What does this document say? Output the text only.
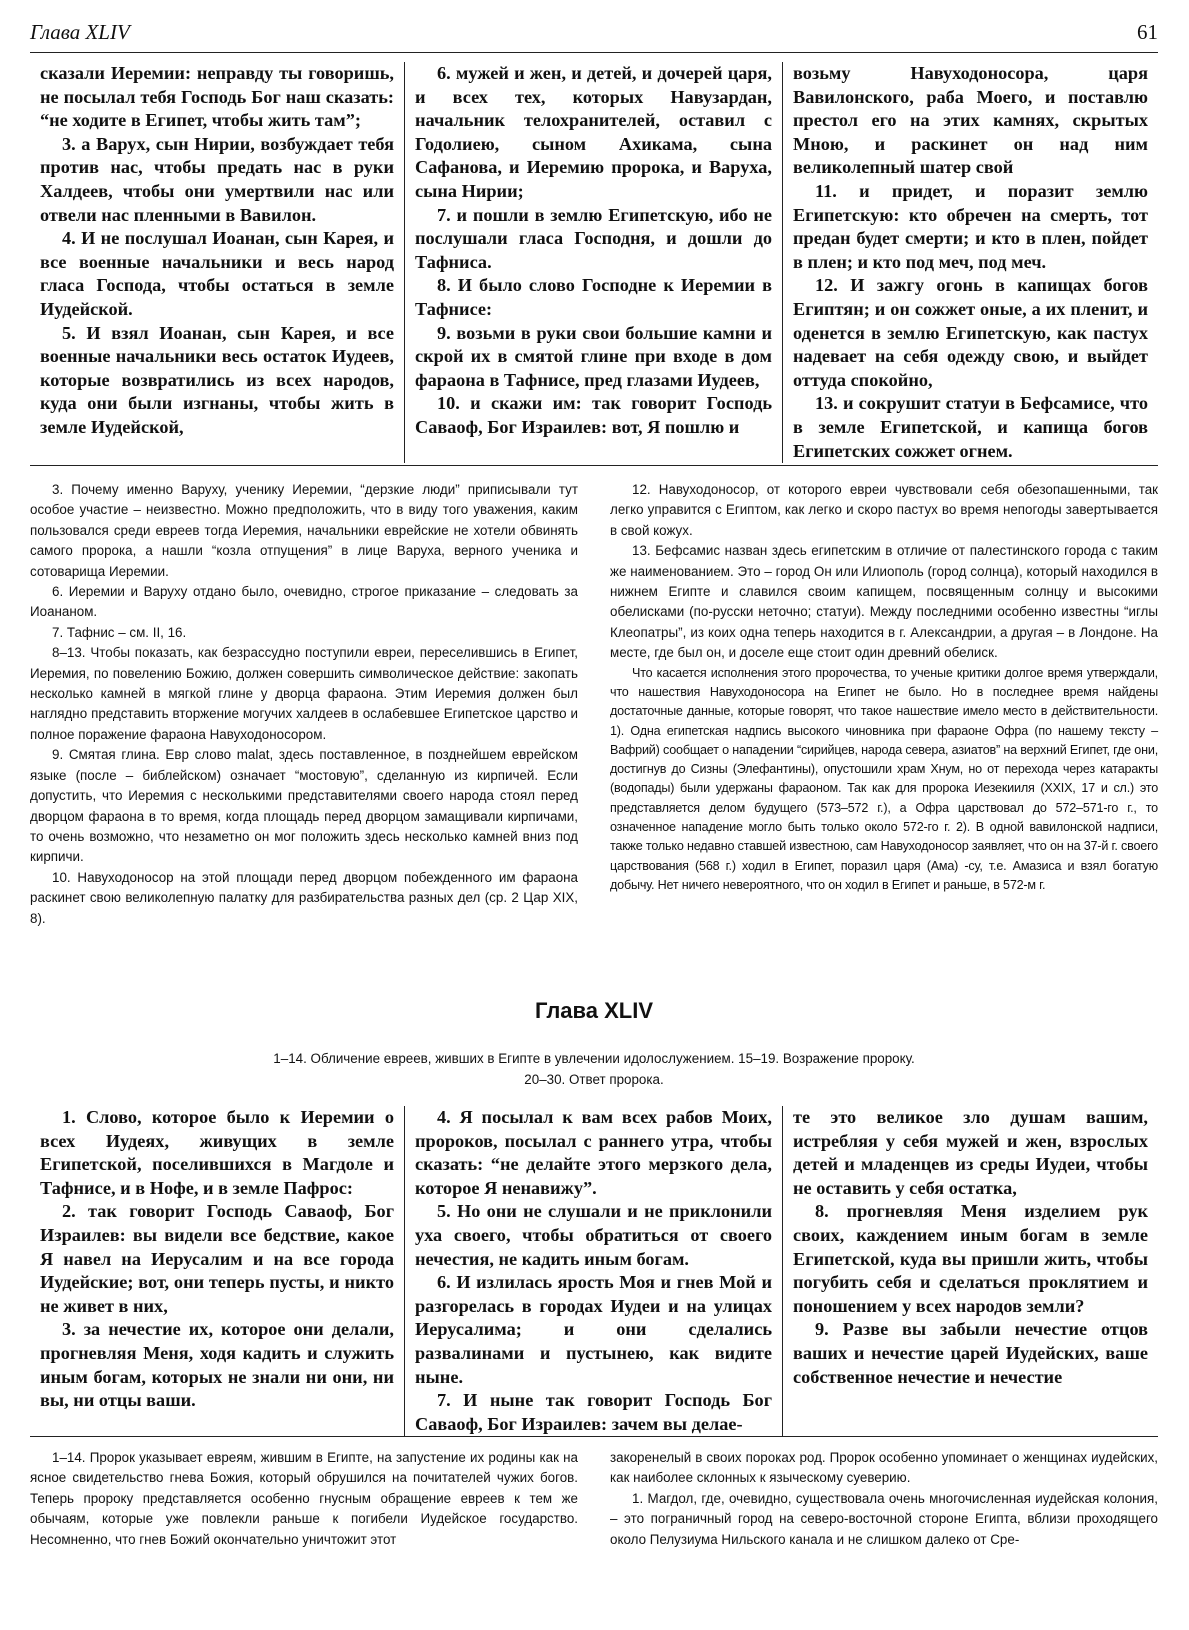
Глава XLIV	61

сказали Иеремии: неправду ты говоришь, не посылал тебя Господь Бог наш сказать: “не ходите в Египет, чтобы жить там”;

3. а Варух, сын Нирии, возбуждает тебя против нас, чтобы предать нас в руки Халдеев, чтобы они умертвили нас или отвели нас пленными в Вавилон.

4. И не послушал Иоанан, сын Карея, и все военные начальники и весь народ гласа Господа, чтобы остаться в земле Иудейской.

5. И взял Иоанан, сын Карея, и все военные начальники весь остаток Иудеев, которые возвратились из всех народов, куда они были изгнаны, чтобы жить в земле Иудейской,

6. мужей и жен, и детей, и дочерей царя, и всех тех, которых Навузардан, начальник телохранителей, оставил с Годолиею, сыном Ахикама, сына Сафанова, и Иеремию пророка, и Варуха, сына Нирии;

7. и пошли в землю Египетскую, ибо не послушали гласа Господня, и дошли до Тафниса.

8. И было слово Господне к Иеремии в Тафнисе:

9. возьми в руки свои большие камни и скрой их в смятой глине при входе в дом фараона в Тафнисе, пред глазами Иудеев,

10. и скажи им: так говорит Господь Саваоф, Бог Израилев: вот, Я пошлю и

возьму Навуходоносора, царя Вавилонского, раба Моего, и поставлю престол его на этих камнях, скрытых Мною, и раскинет он над ним великолепный шатер свой

11. и придет, и поразит землю Египетскую: кто обречен на смерть, тот предан будет смерти; и кто в плен, пойдет в плен; и кто под меч, под меч.

12. И зажгу огонь в капищах богов Египтян; и он сожжет оные, а их пленит, и оденется в землю Египетскую, как пастух надевает на себя одежду свою, и выйдет оттуда спокойно,

13. и сокрушит статуи в Бефсамисе, что в земле Египетской, и капища богов Египетских сожжет огнем.

3. Почему именно Варуху, ученику Иеремии, “дерзкие люди” приписывали тут особое участие – неизвестно. Можно предположить, что в виду того уважения, каким пользовался среди евреев тогда Иеремия, начальники еврейские не хотели обвинять самого пророка, а нашли “козла отпущения” в лице Варуха, верного ученика и сотоварища Иеремии.

6. Иеремии и Варуху отдано было, очевидно, строгое приказание – следовать за Иоананом.

7. Тафнис – см. II, 16.

8–13. Чтобы показать, как безрассудно поступили евреи, переселившись в Египет, Иеремия, по повелению Божию, должен совершить символическое действие: закопать несколько камней в мягкой глине у дворца фараона. Этим Иеремия должен был наглядно представить вторжение могучих халдеев в ослабевшее Египетское царство и полное поражение фараона Навуходоносором.

9. Смятая глина. Евр слово malat, здесь поставленное, в позднейшем еврейском языке (после – библейском) означает “мостовую”, сделанную из кирпичей. Если допустить, что Иеремия с несколькими представителями своего народа стоял перед дворцом фараона в то время, когда площадь перед дворцом замащивали кирпичами, то очень возможно, что незаметно он мог положить здесь несколько камней вниз под кирпичи.

10. Навуходоносор на этой площади перед дворцом побежденного им фараона раскинет свою великолепную палатку для разбирательства разных дел (ср. 2 Цар XIX, 8).

12. Навуходоносор, от которого евреи чувствовали себя обезопашенными, так легко управится с Египтом, как легко и скоро пастух во время непогоды завертывается в свой кожух.

13. Бефсамис назван здесь египетским в отличие от палестинского города с таким же наименованием. Это – город Он или Илиополь (город солнца), который находился в нижнем Египте и славился своим капищем, посвященным солнцу и высокими обелисками (по-русски неточно; статуи). Между последними особенно известны “иглы Клеопатры”, из коих одна теперь находится в г. Александрии, а другая – в Лондоне. На месте, где был он, и доселе еще стоит один древний обелиск.

Что касается исполнения этого пророчества, то ученые критики долгое время утверждали, что нашествия Навуходоносора на Египет не было. Но в последнее время найдены достаточные данные, которые говорят, что такое нашествие имело место в действительности. 1). Одна египетская надпись высокого чиновника при фараоне Офра (по нашему тексту – Вафрий) сообщает о нападении “сирийцев, народа севера, азиатов” на верхний Египет, где они, достигнув до Сизны (Элефантины), опустошили храм Хнум, но от перехода через катаракты (водопады) были удержаны фараоном. Так как для пророка Иезекииля (XXIX, 17 и сл.) это представляется делом будущего (573–572 г.), а Офра царствовал до 572–571-го г., то означенное нападение могло быть только около 572-го г. 2). В одной вавилонской надписи, также только недавно ставшей известною, сам Навуходоносор заявляет, что он на 37-й г. своего царствования (568 г.) ходил в Египет, поразил царя (Ама) -су, т.е. Амазиса и взял богатую добычу. Нет ничего невероятного, что он ходил в Египет и раньше, в 572-м г.

Глава XLIV
1–14. Обличение евреев, живших в Египте в увлечении идолослужением. 15–19. Возражение пророку.
20–30. Ответ пророка.

1. Слово, которое было к Иеремии о всех Иудеях, живущих в земле Египетской, поселившихся в Магдоле и Тафнисе, и в Нофе, и в земле Пафрос:

2. так говорит Господь Саваоф, Бог Израилев: вы видели все бедствие, какое Я навел на Иерусалим и на все города Иудейские; вот, они теперь пусты, и никто не живет в них,

3. за нечестие их, которое они делали, прогневляя Меня, ходя кадить и служить иным богам, которых не знали ни они, ни вы, ни отцы ваши.

4. Я посылал к вам всех рабов Моих, пророков, посылал с раннего утра, чтобы сказать: “не делайте этого мерзкого дела, которое Я ненавижу”.

5. Но они не слушали и не приклонили уха своего, чтобы обратиться от своего нечестия, не кадить иным богам.

6. И излилась ярость Моя и гнев Мой и разгорелась в городах Иудеи и на улицах Иерусалима; и они сделались развалинами и пустынею, как видите ныне.

7. И ныне так говорит Господь Бог Саваоф, Бог Израилев: зачем вы делае-

те это великое зло душам вашим, истребляя у себя мужей и жен, взрослых детей и младенцев из среды Иудеи, чтобы не оставить у себя остатка,

8. прогневляя Меня изделием рук своих, каждением иным богам в земле Египетской, куда вы пришли жить, чтобы погубить себя и сделаться проклятием и поношением у всех народов земли?

9. Разве вы забыли нечестие отцов ваших и нечестие царей Иудейских, ваше собственное нечестие и нечестие

1–14. Пророк указывает евреям, жившим в Египте, на запустение их родины как на ясное свидетельство гнева Божия, который обрушился на почитателей чужих богов. Теперь пророку представляется особенно гнусным обращение евреев к тем же обычаям, которые уже повлекли раньше к погибели Иудейское государство. Несомненно, что гнев Божий окончательно уничтожит этот

закоренелый в своих пороках род. Пророк особенно упоминает о женщинах иудейских, как наиболее склонных к языческому суеверию.

1. Магдол, где, очевидно, существовала очень многочисленная иудейская колония, – это пограничный город на северо-восточной стороне Египта, вблизи проходящего около Пелузиума Нильского канала и не слишком далеко от Сре-
